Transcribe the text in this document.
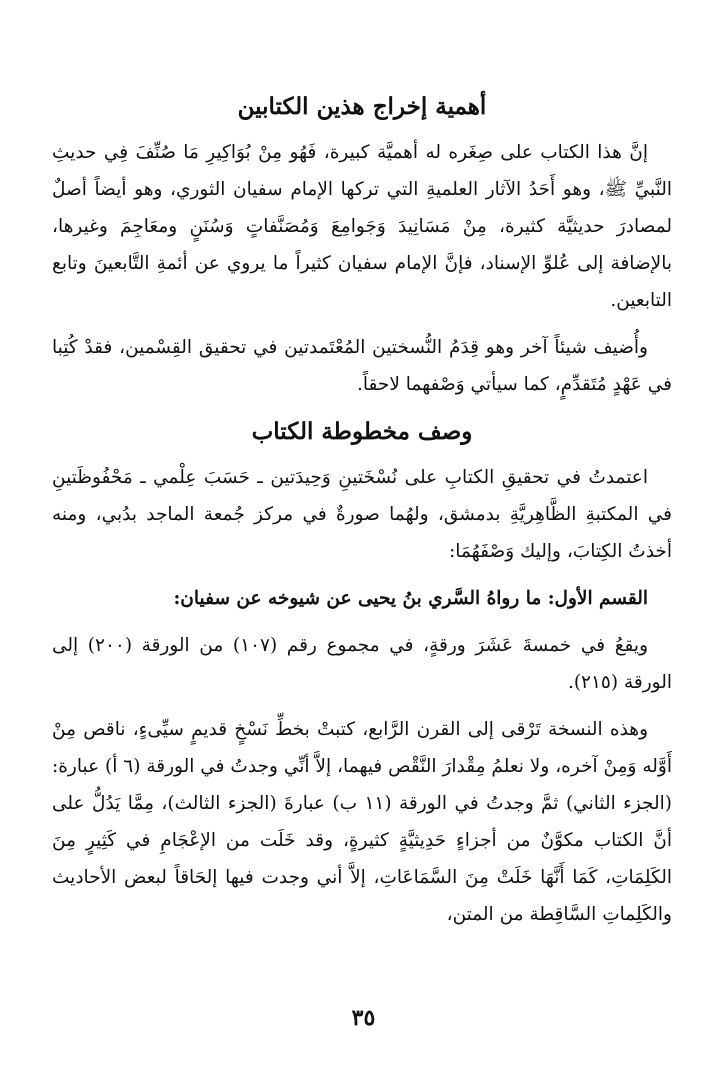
أهمية إخراج هذين الكتابين

إنَّ هذا الكتاب على صِغَره له أهميَّة كبيرة، فَهُو مِنْ بُوَاكِيرِ مَا صُنِّفَ فِي حديثِ النَّبيِّ ﷺ، وهو أَحَدُ الآثار العلميةِ التي تركها الإمام سفيان الثوري، وهو أيضاً أصلٌ لمصادرَ حديثيَّة كثيرة، مِنْ مَسَانِيدَ وَجَوامِعَ وَمُصَنَّفاتٍ وَسُنَنٍ ومعَاجِمَ وغيرها، بالإضافة إلى عُلوِّ الإسناد، فإنَّ الإمام سفيان كثيراً ما يروي عن أئمةِ التَّابعينَ وتابع التابعين.

وأُضيف شيئاً آخر وهو قِدَمُ النُّسختين المُعْتَمدتين في تحقيق القِسْمين، فقدْ كُتِبا في عَهْدٍ مُتَقدِّمٍ، كما سيأتي وَصْفهما لاحقاً.

وصف مخطوطة الكتاب

اعتمدتُ في تحقيقِ الكتابِ على نُسْخَتينِ وَحِيدَتين ـ حَسَبَ عِلْمي ـ مَحْفُوظَتينِ في المكتبةِ الظَّاهِريَّةِ بدمشق، ولهُما صورةٌ في مركز جُمعة الماجد بدُبي، ومنه أخذتُ الكِتابَ، وإليك وَصْفَهُمَا:

القسم الأول: ما رواهُ السَّري بنُ يحيى عن شيوخه عن سفيان:

ويقعُ في خمسةَ عَشَرَ ورقةٍ، في مجموع رقم (١٠٧) من الورقة (٢٠٠) إلى الورقة (٢١٥).

وهذه النسخة تَرْقى إلى القرن الرَّابع، كتبتْ بخطِّ نَسْخٍ قديمٍ سيِّىءٍ، ناقص مِنْ أَوَّله وَمِنْ آخره، ولا نعلمُ مِقْدارَ النَّقْص فيهما، إلاَّ أنِّي وجدتُ في الورقة (٦ أ) عبارة: (الجزء الثاني) ثمَّ وجدتُ في الورقة (١١ ب) عبارةَ (الجزء الثالث)، مِمَّا يَدُلُّ على أنَّ الكتاب مكوَّنٌ من أجزاءٍ حَدِيثيَّةٍ كثيرةٍ، وقد خَلَت من الإعْجَامِ في كَثِيرٍ مِنَ الكَلِمَاتِ، كَمَا أَنَّهَا خَلَتْ مِنَ السَّمَاعَاتِ، إلاَّ أني وجدت فيها إلحَاقاً لبعض الأحاديث والكَلِماتِ السَّاقِطة من المتن،

٣٥
